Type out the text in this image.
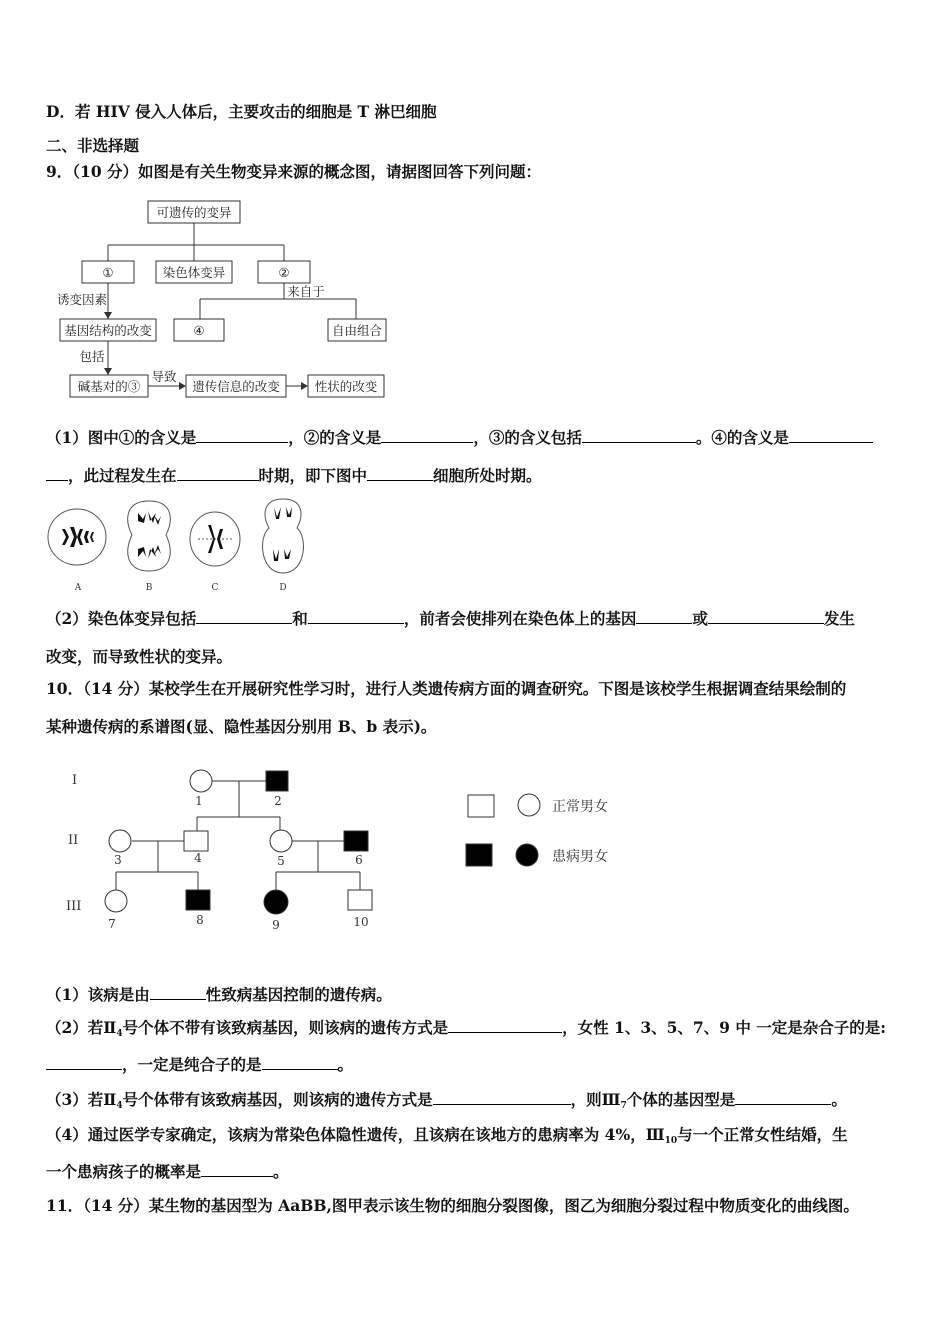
D．若 HIV 侵入人体后，主要攻击的细胞是 T 淋巴细胞
二、非选择题
9．（10 分）如图是有关生物变异来源的概念图，请据图回答下列问题：
可遗传的变异
①	染色体变异	②
诱变因素
来自于
基因结构的改变	④	自由组合
包括
碱基对的③
导致
遗传信息的改变	性状的改变
（1）图中①的含义是	，②的含义是	，③的含义包括	。④的含义是
，此过程发生在	时期，即下图中	细胞所处时期。
A	B	C	D
（2）染色体变异包括	和	，前者会使排列在染色体上的基因	或	发生
改变，而导致性状的变异。
10．（14 分）某校学生在开展研究性学习时，进行人类遗传病方面的调查研究。下图是该校学生根据调查结果绘制的
某种遗传病的系谱图(显、隐性基因分别用 B、b 表示)。
I
II
III
1	2
3	4	5	6
7	8	9	10
正常男女
患病男女
（1）该病是由	性致病基因控制的遗传病。
（2）若$Ⅱ_4$号个体不带有该致病基因，则该病的遗传方式是	，女性 1、3、5、7、9 中 一定是杂合子的是:
，一定是纯合子的是	。
（3）若$Ⅱ_4$号个体带有该致病基因，则该病的遗传方式是	，则$Ⅲ_7$个体的基因型是	。
（4）通过医学专家确定，该病为常染色体隐性遗传，且该病在该地方的患病率为 4%，$Ⅲ_{10}$与一个正常女性结婚，生
一个患病孩子的概率是	。
11．（14 分）某生物的基因型为 AaBB,图甲表示该生物的细胞分裂图像，图乙为细胞分裂过程中物质变化的曲线图。
